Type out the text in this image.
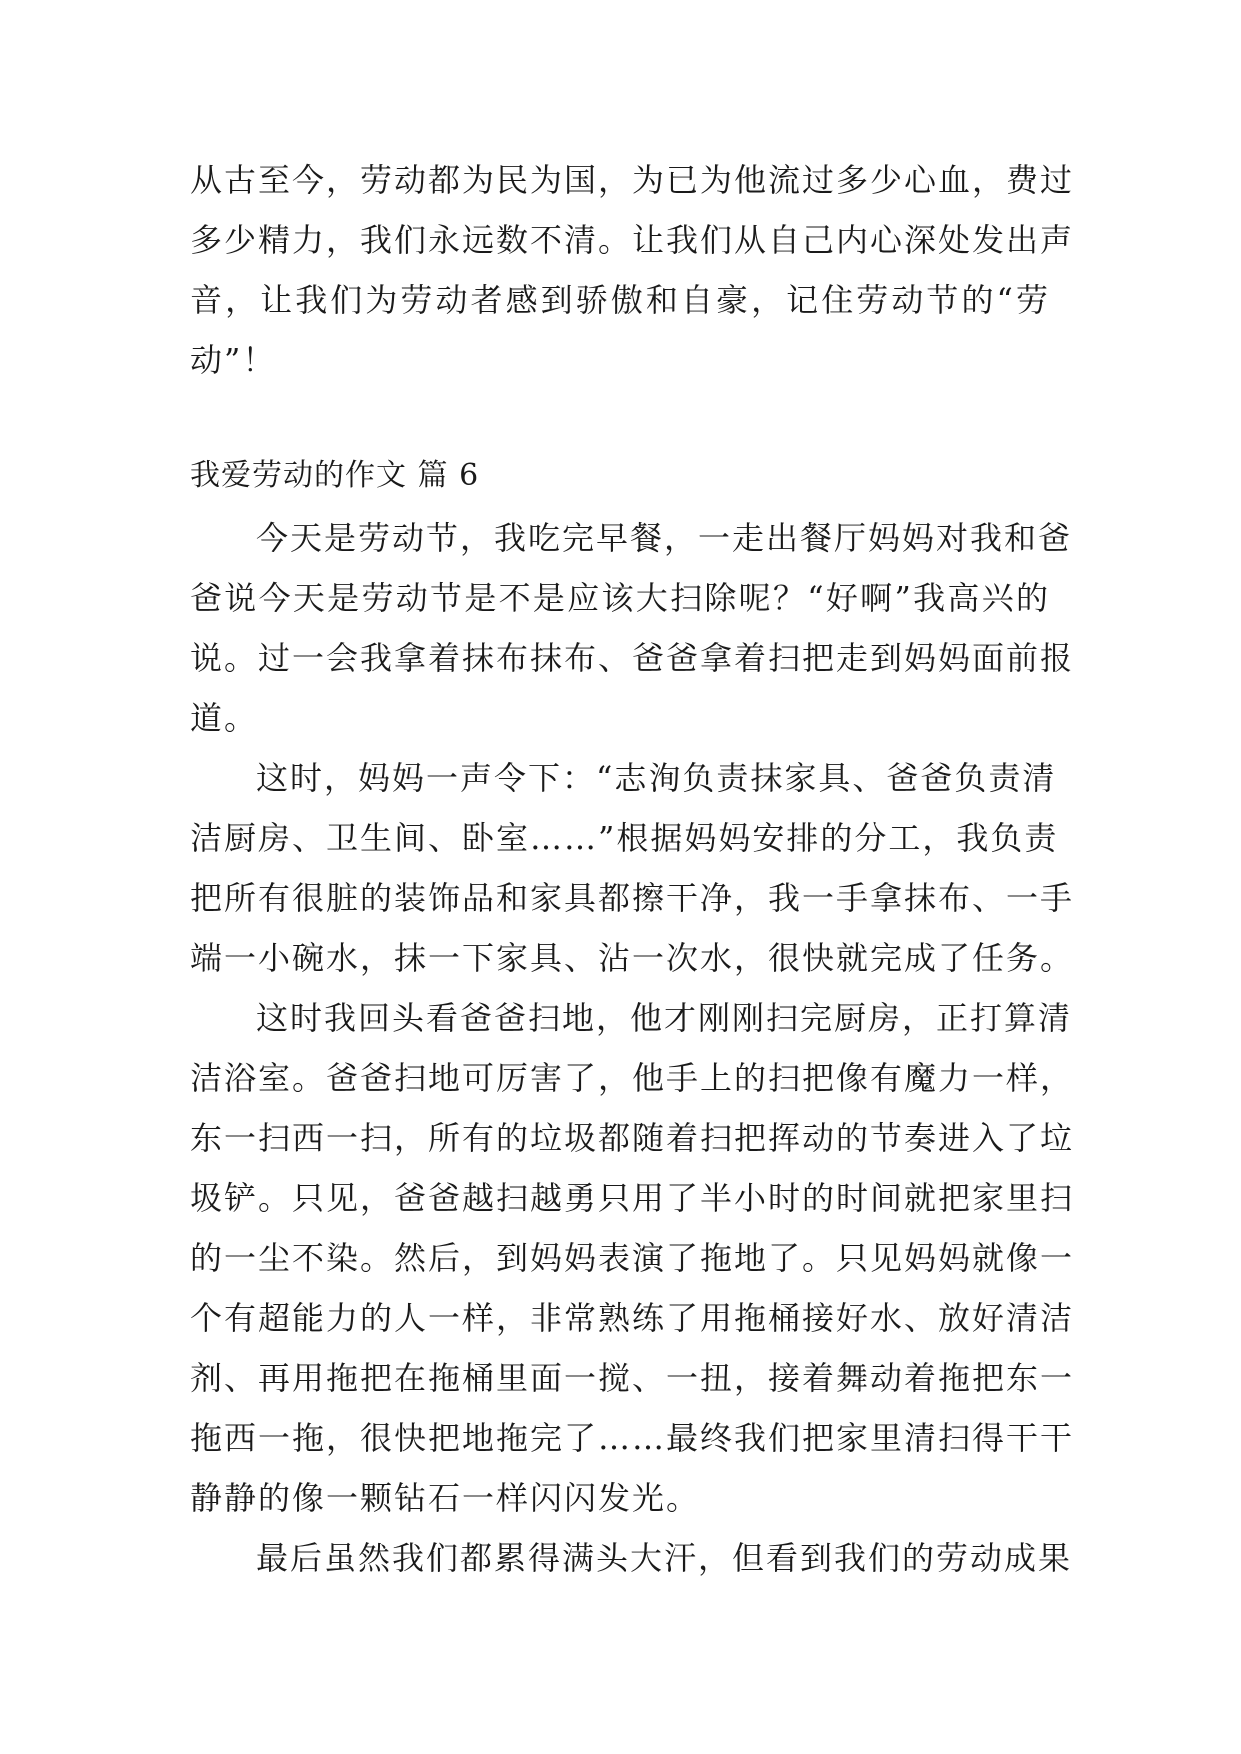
从古至今，劳动都为民为国，为已为他流过多少心血，费过
多少精力，我们永远数不清。让我们从自己内心深处发出声
音，让我们为劳动者感到骄傲和自豪，记住劳动节的“劳
动”！
我爱劳动的作文 篇 6
今天是劳动节，我吃完早餐，一走出餐厅妈妈对我和爸
爸说今天是劳动节是不是应该大扫除呢？“好啊”我高兴的
说。过一会我拿着抹布抹布、爸爸拿着扫把走到妈妈面前报
道。
这时，妈妈一声令下：“志洵负责抹家具、爸爸负责清
洁厨房、卫生间、卧室……”根据妈妈安排的分工，我负责
把所有很脏的装饰品和家具都擦干净，我一手拿抹布、一手
端一小碗水，抹一下家具、沾一次水，很快就完成了任务。
这时我回头看爸爸扫地，他才刚刚扫完厨房，正打算清
洁浴室。爸爸扫地可厉害了，他手上的扫把像有魔力一样，
东一扫西一扫，所有的垃圾都随着扫把挥动的节奏进入了垃
圾铲。只见，爸爸越扫越勇只用了半小时的时间就把家里扫
的一尘不染。然后，到妈妈表演了拖地了。只见妈妈就像一
个有超能力的人一样，非常熟练了用拖桶接好水、放好清洁
剂、再用拖把在拖桶里面一搅、一扭，接着舞动着拖把东一
拖西一拖，很快把地拖完了……最终我们把家里清扫得干干
静静的像一颗钻石一样闪闪发光。
最后虽然我们都累得满头大汗，但看到我们的劳动成果
